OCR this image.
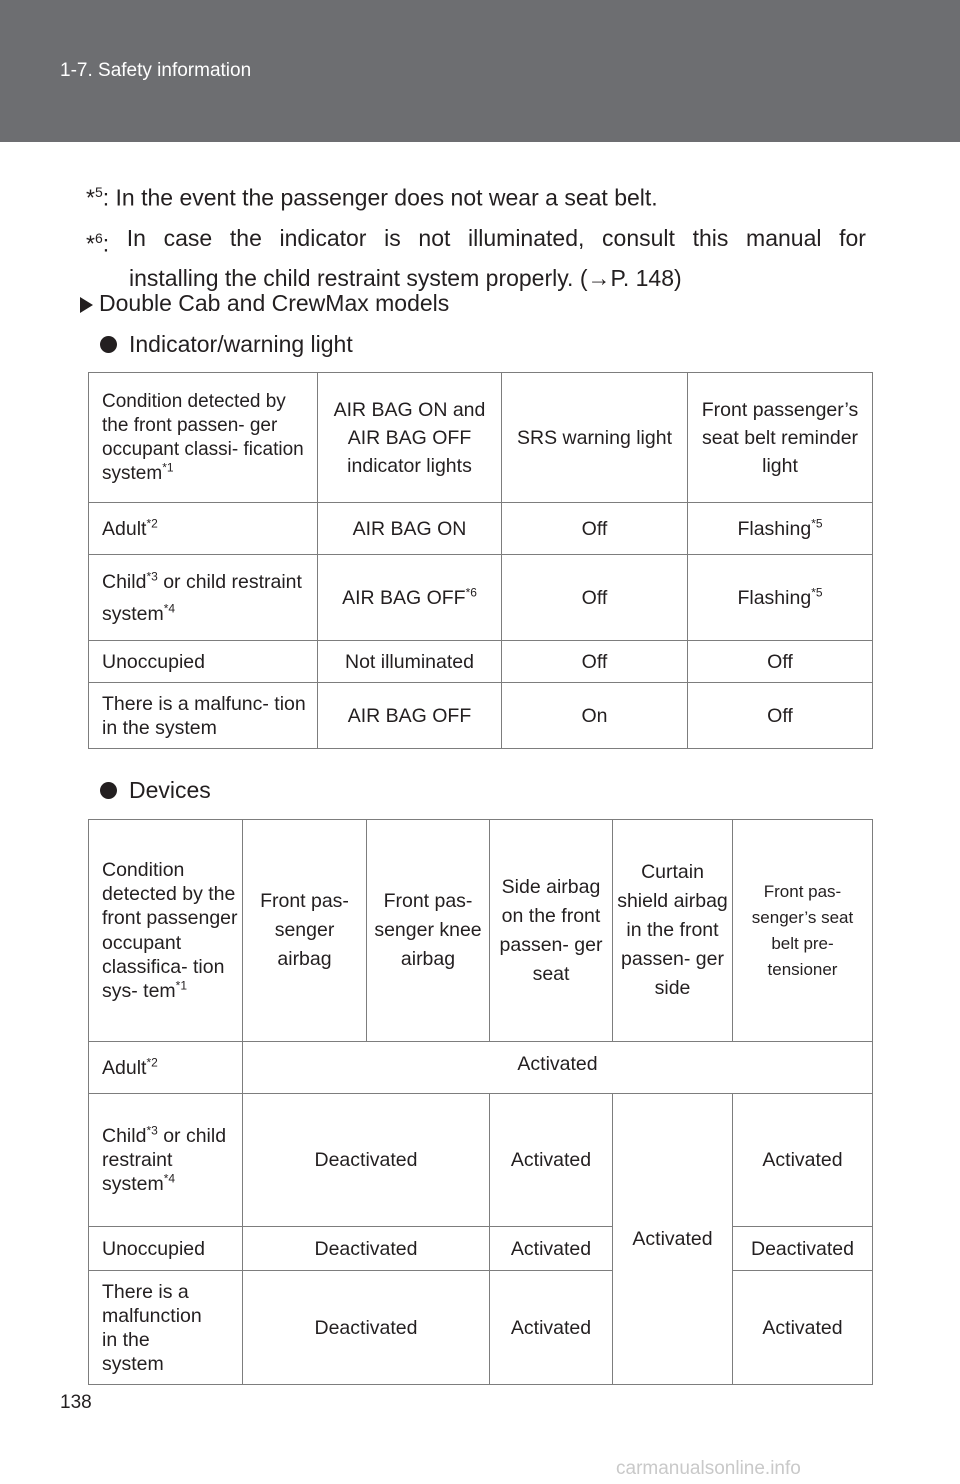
1-7. Safety information
*$^5$: In the event the passenger does not wear a seat belt.
*$^6$: In case the indicator is not illuminated, consult this manual for
installing the child restraint system properly. (→P. 148)
Double Cab and CrewMax models
Indicator/warning light
Condition detected by the front passen- ger occupant classi- fication system$^{*1}$	AIR BAG ON and AIR BAG OFF indicator lights	SRS warning light	Front passenger’s seat belt reminder light
Adult$^{*2}$	AIR BAG ON	Off	Flashing$^{*5}$
Child$^{*3}$ or child restraint system$^{*4}$	AIR BAG OFF$^{*6}$	Off	Flashing$^{*5}$
Unoccupied	Not illuminated	Off	Off
There is a malfunc- tion in the system	AIR BAG OFF	On	Off
Devices
Condition detected by the front passenger occupant classifica- tion sys- tem$^{*1}$	Front pas- senger airbag	Front pas- senger knee airbag	Side airbag on the front passen- ger seat	Curtain shield airbag in the front passen- ger side	Front pas- senger’s seat belt pre- tensioner
Adult$^{*2}$	Activated				
Child$^{*3}$ or child restraint system$^{*4}$	Deactivated		Activated	Activated	Activated
Unoccupied	Deactivated		Activated		Deactivated
There is a malfunction in the system	Deactivated		Activated		Activated
138
carmanualsonline.info
